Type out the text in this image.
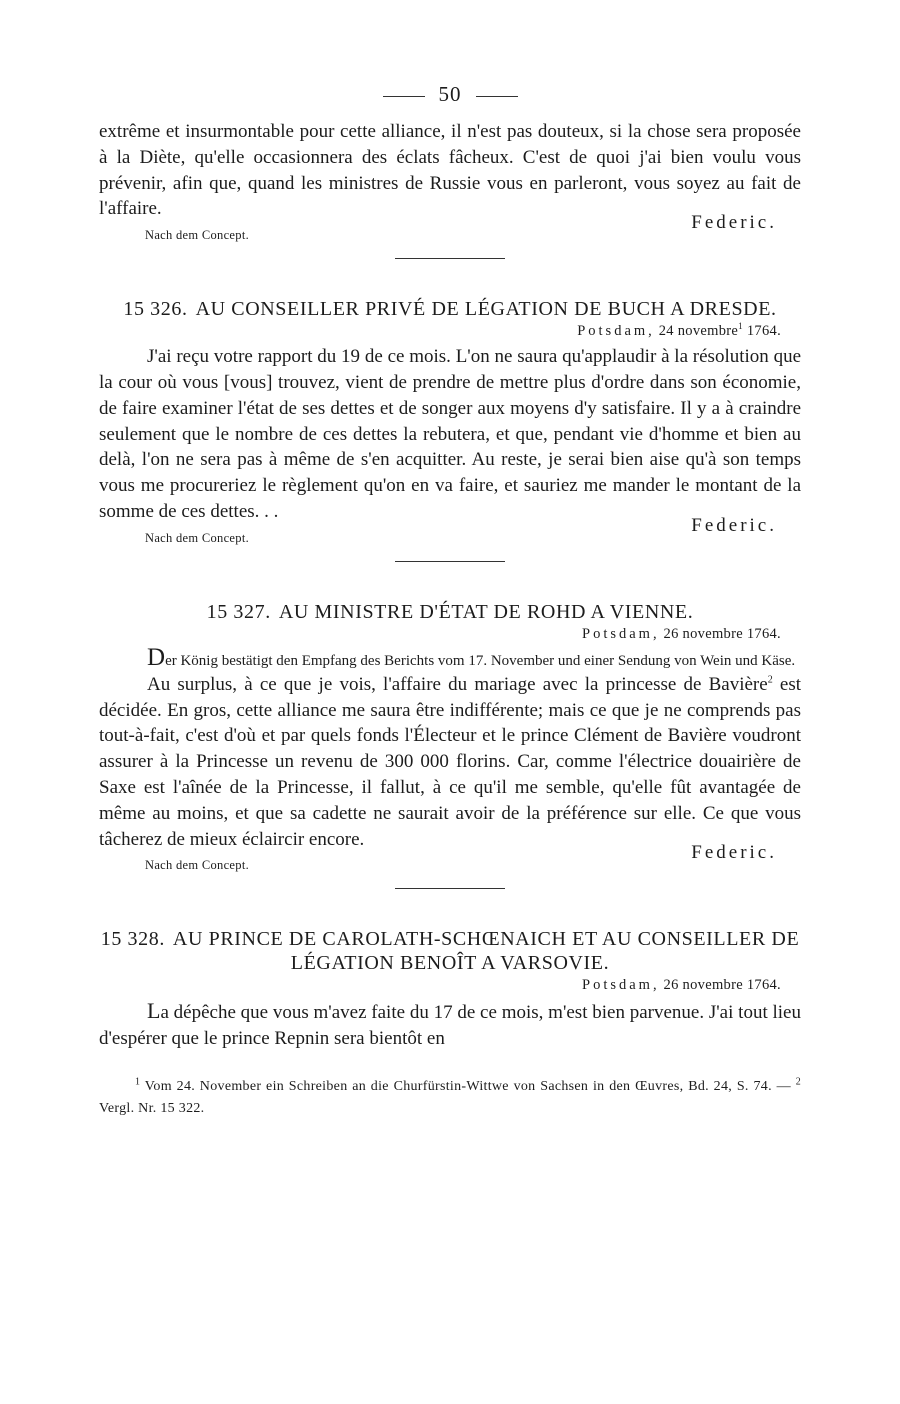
50

extrême et insurmontable pour cette alliance, il n'est pas douteux, si la chose sera proposée à la Diète, qu'elle occasionnera des éclats fâcheux. C'est de quoi j'ai bien voulu vous prévenir, afin que, quand les ministres de Russie vous en parleront, vous soyez au fait de l'affaire.

Nach dem Concept.
Federic.
15 326. AU CONSEILLER PRIVÉ DE LÉGATION DE BUCH A DRESDE.
Potsdam, 24 novembre$^1$ 1764.

J'ai reçu votre rapport du 19 de ce mois. L'on ne saura qu'applaudir à la résolution que la cour où vous [vous] trouvez, vient de prendre de mettre plus d'ordre dans son économie, de faire examiner l'état de ses dettes et de songer aux moyens d'y satisfaire. Il y a à craindre seulement que le nombre de ces dettes la rebutera, et que, pendant vie d'homme et bien au delà, l'on ne sera pas à même de s'en acquitter. Au reste, je serai bien aise qu'à son temps vous me procureriez le règlement qu'on en va faire, et sauriez me mander le montant de la somme de ces dettes. . .

Nach dem Concept.
Federic.
15 327. AU MINISTRE D'ÉTAT DE ROHD A VIENNE.
Potsdam, 26 novembre 1764.

Der König bestätigt den Empfang des Berichts vom 17. November und einer Sendung von Wein und Käse.

Au surplus, à ce que je vois, l'affaire du mariage avec la princesse de Bavière$^2$ est décidée. En gros, cette alliance me saura être indifférente; mais ce que je ne comprends pas tout-à-fait, c'est d'où et par quels fonds l'Électeur et le prince Clément de Bavière voudront assurer à la Princesse un revenu de 300 000 florins. Car, comme l'électrice douairière de Saxe est l'aînée de la Princesse, il fallut, à ce qu'il me semble, qu'elle fût avantagée de même au moins, et que sa cadette ne saurait avoir de la préférence sur elle. Ce que vous tâcherez de mieux éclaircir encore.

Nach dem Concept.
Federic.
15 328. AU PRINCE DE CAROLATH-SCHŒNAICH ET AU CONSEILLER DE LÉGATION BENOÎT A VARSOVIE.
Potsdam, 26 novembre 1764.

La dépêche que vous m'avez faite du 17 de ce mois, m'est bien parvenue. J'ai tout lieu d'espérer que le prince Repnin sera bientôt en

$^1$ Vom 24. November ein Schreiben an die Churfürstin-Wittwe von Sachsen in den Œuvres, Bd. 24, S. 74. — $^2$ Vergl. Nr. 15 322.
